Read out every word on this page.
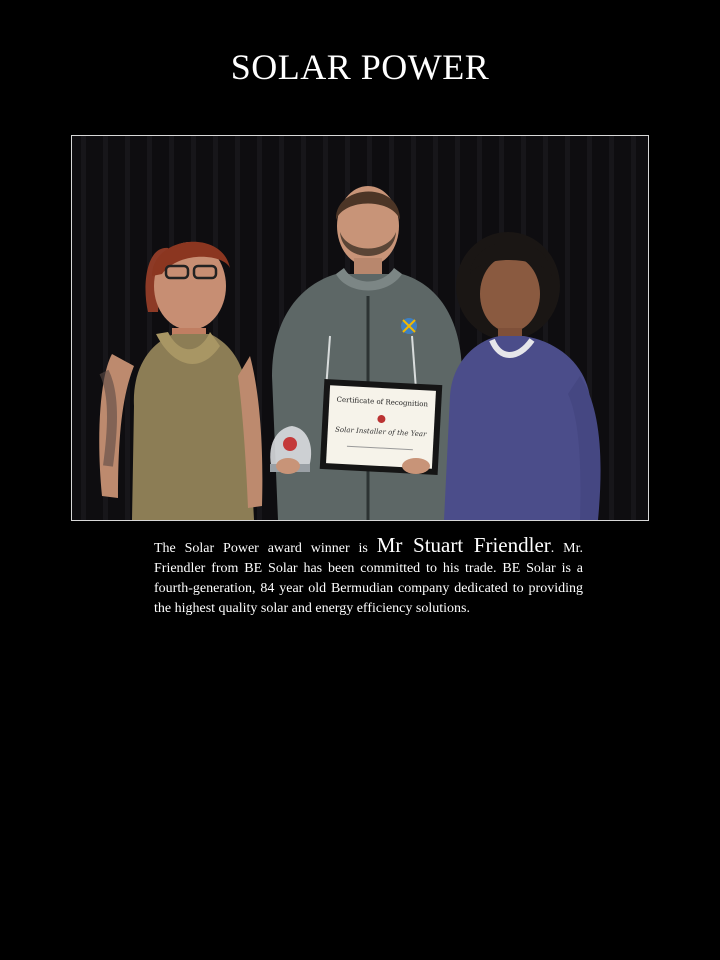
SOLAR POWER
Certificate of Recognition
Solar Installer of the Year
The Solar Power award winner is Mr Stuart Friendler. Mr. Friendler from BE Solar has been committed to his trade. BE Solar is a fourth-generation, 84 year old Bermudian company dedicated to providing the highest quality solar and energy efficiency solutions.
